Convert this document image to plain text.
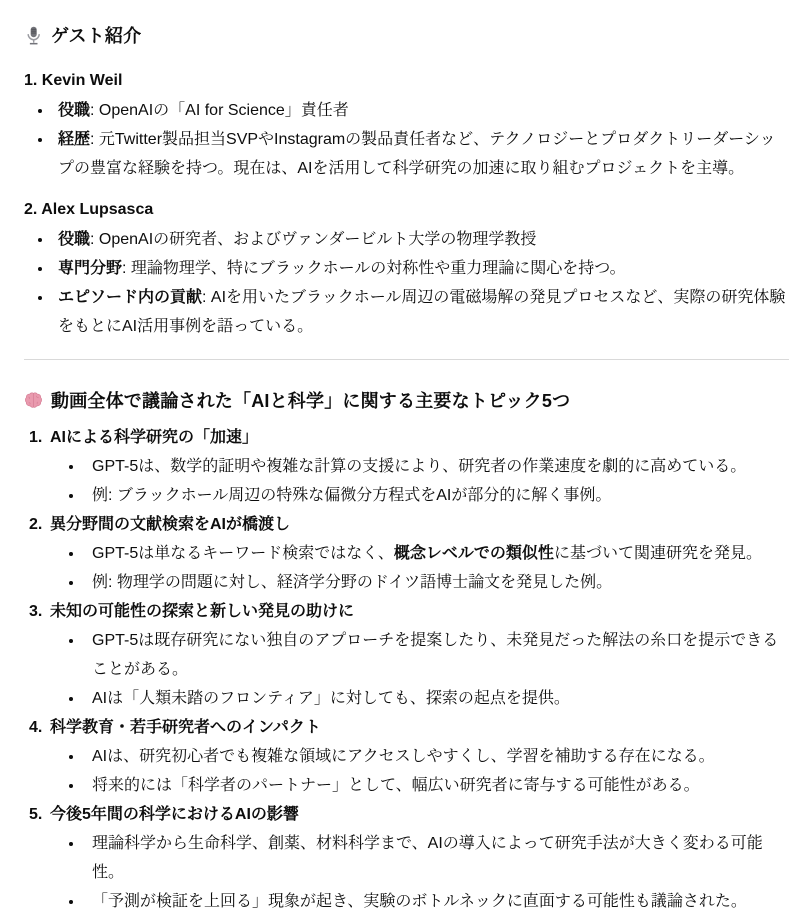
ゲスト紹介

1. Kevin Weil

役職: OpenAIの「AI for Science」責任者
経歴: 元Twitter製品担当SVPやInstagramの製品責任者など、テクノロジーとプロダクトリーダーシップの豊富な経験を持つ。現在は、AIを活用して科学研究の加速に取り組むプロジェクトを主導。

2. Alex Lupsasca

役職: OpenAIの研究者、およびヴァンダービルト大学の物理学教授
専門分野: 理論物理学、特にブラックホールの対称性や重力理論に関心を持つ。
エピソード内の貢献: AIを用いたブラックホール周辺の電磁場解の発見プロセスなど、実際の研究体験をもとにAI活用事例を語っている。
動画全体で議論された「AIと科学」に関する主要なトピック5つ
1. AIによる科学研究の「加速」
GPT-5は、数学的証明や複雑な計算の支援により、研究者の作業速度を劇的に高めている。
例: ブラックホール周辺の特殊な偏微分方程式をAIが部分的に解く事例。
2. 異分野間の文献検索をAIが橋渡し
GPT-5は単なるキーワード検索ではなく、概念レベルでの類似性に基づいて関連研究を発見。
例: 物理学の問題に対し、経済学分野のドイツ語博士論文を発見した例。
3. 未知の可能性の探索と新しい発見の助けに
GPT-5は既存研究にない独自のアプローチを提案したり、未発見だった解法の糸口を提示できることがある。
AIは「人類未踏のフロンティア」に対しても、探索の起点を提供。
4. 科学教育・若手研究者へのインパクト
AIは、研究初心者でも複雑な領域にアクセスしやすくし、学習を補助する存在になる。
将来的には「科学者のパートナー」として、幅広い研究者に寄与する可能性がある。
5. 今後5年間の科学におけるAIの影響
理論科学から生命科学、創薬、材料科学まで、AIの導入によって研究手法が大きく変わる可能性。
「予測が検証を上回る」現象が起き、実験のボトルネックに直面する可能性も議論された。
